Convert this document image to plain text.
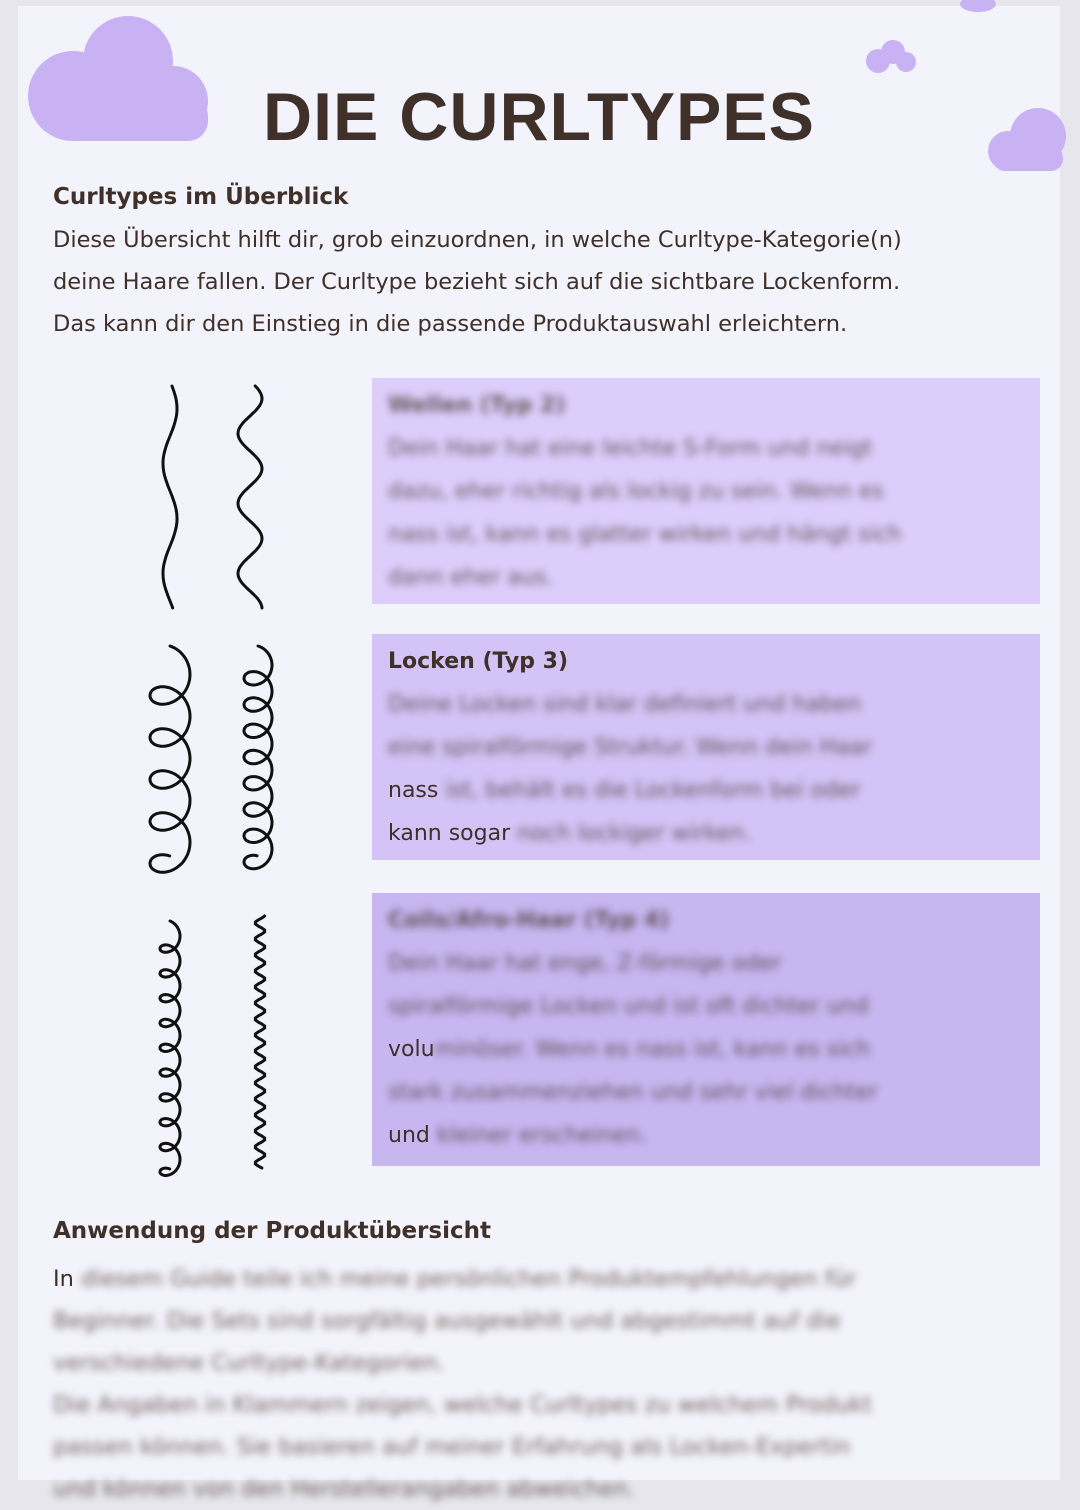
DIE CURLTYPES
Curltypes im Überblick
Diese Übersicht hilft dir, grob einzuordnen, in welche Curltype-Kategorie(n)
deine Haare fallen. Der Curltype bezieht sich auf die sichtbare Lockenform.
Das kann dir den Einstieg in die passende Produktauswahl erleichtern.
Wellen (Typ 2)
Dein Haar hat eine leichte S-Form und neigt
dazu, eher richtig als lockig zu sein. Wenn es
nass ist, kann es glatter wirken und hängt sich
dann eher aus.
Locken (Typ 3)
Deine Locken sind klar definiert und haben
eine spiralförmige Struktur. Wenn dein Haar
nass ist, behält es die Lockenform bei oder
kann sogar noch lockiger wirken.
Coils/Afro-Haar (Typ 4)
Dein Haar hat enge, Z-förmige oder
spiralförmige Locken und ist oft dichter und
voluminöser. Wenn es nass ist, kann es sich
stark zusammenziehen und sehr viel dichter
und kleiner erscheinen.
Anwendung der Produktübersicht
In diesem Guide teile ich meine persönlichen Produktempfehlungen für
Beginner. Die Sets sind sorgfältig ausgewählt und abgestimmt auf die
verschiedene Curltype-Kategorien.
Die Angaben in Klammern zeigen, welche Curltypes zu welchem Produkt
passen können. Sie basieren auf meiner Erfahrung als Locken-Expertin
und können von den Herstellerangaben abweichen.
